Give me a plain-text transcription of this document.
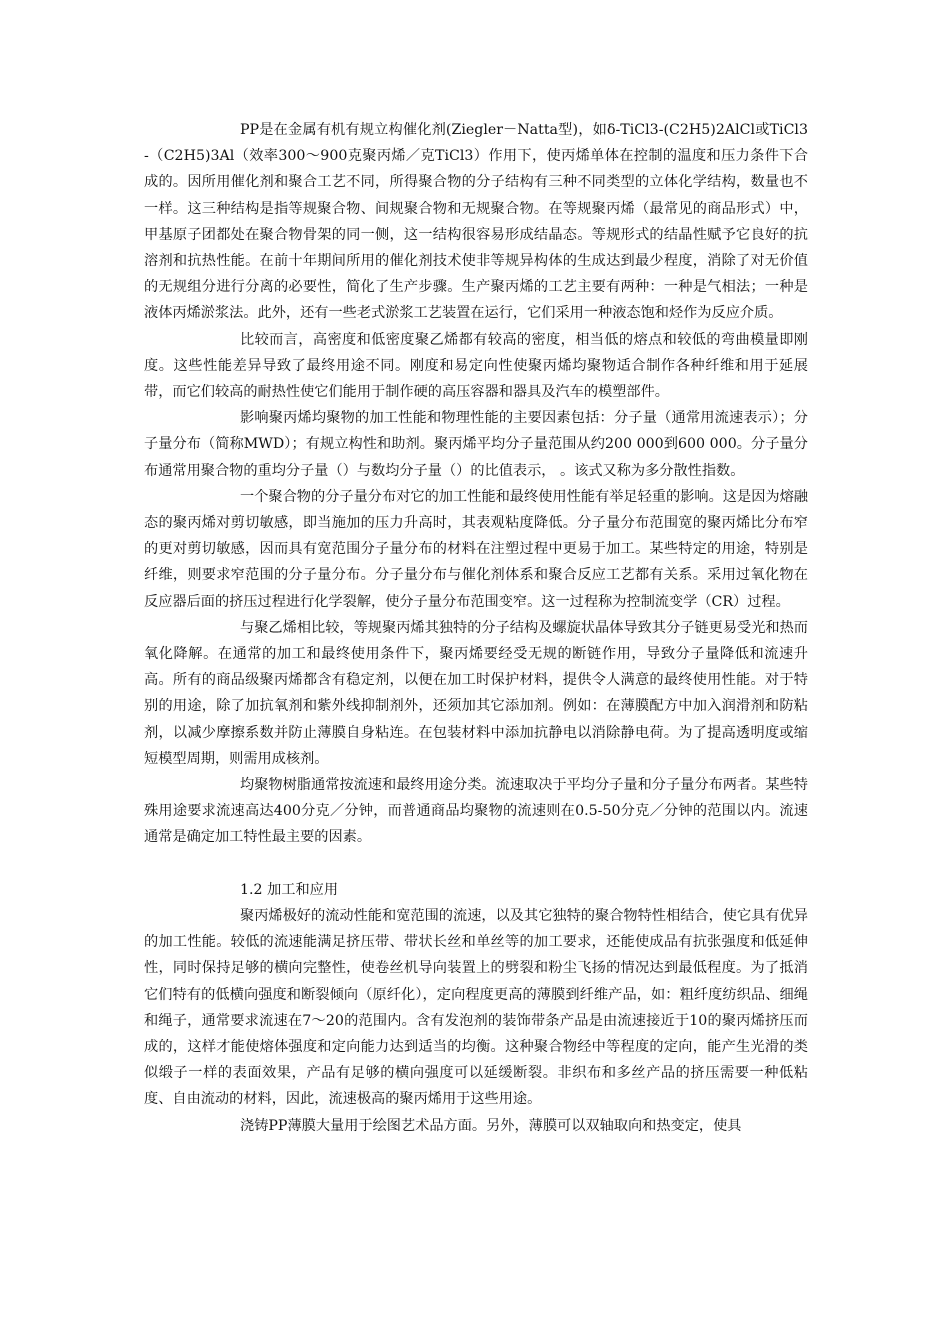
PP是在金属有机有规立构催化剂(Ziegler－Natta型)，如δ-TiCl3-(C2H5)2AlCl或TiCl3-（C2H5)3Al（效率300～900克聚丙烯／克TiCl3）作用下，使丙烯单体在控制的温度和压力条件下合成的。因所用催化剂和聚合工艺不同，所得聚合物的分子结构有三种不同类型的立体化学结构，数量也不一样。这三种结构是指等规聚合物、间规聚合物和无规聚合物。在等规聚丙烯（最常见的商品形式）中，甲基原子团都处在聚合物骨架的同一侧，这一结构很容易形成结晶态。等规形式的结晶性赋予它良好的抗溶剂和抗热性能。在前十年期间所用的催化剂技术使非等规异构体的生成达到最少程度，消除了对无价值的无规组分进行分离的必要性，简化了生产步骤。生产聚丙烯的工艺主要有两种：一种是气相法；一种是液体丙烯淤浆法。此外，还有一些老式淤浆工艺装置在运行，它们采用一种液态饱和烃作为反应介质。

比较而言，高密度和低密度聚乙烯都有较高的密度，相当低的熔点和较低的弯曲模量即刚度。这些性能差异导致了最终用途不同。刚度和易定向性使聚丙烯均聚物适合制作各种纤维和用于延展带，而它们较高的耐热性使它们能用于制作硬的高压容器和器具及汽车的模塑部件。

影响聚丙烯均聚物的加工性能和物理性能的主要因素包括：分子量（通常用流速表示）；分子量分布（简称MWD）；有规立构性和助剂。聚丙烯平均分子量范围从约200 000到600 000。分子量分布通常用聚合物的重均分子量（）与数均分子量（）的比值表示， 。该式又称为多分散性指数。

一个聚合物的分子量分布对它的加工性能和最终使用性能有举足轻重的影响。这是因为熔融态的聚丙烯对剪切敏感，即当施加的压力升高时，其表观粘度降低。分子量分布范围宽的聚丙烯比分布窄的更对剪切敏感，因而具有宽范围分子量分布的材料在注塑过程中更易于加工。某些特定的用途，特别是纤维，则要求窄范围的分子量分布。分子量分布与催化剂体系和聚合反应工艺都有关系。采用过氧化物在反应器后面的挤压过程进行化学裂解，使分子量分布范围变窄。这一过程称为控制流变学（CR）过程。

与聚乙烯相比较，等规聚丙烯其独特的分子结构及螺旋状晶体导致其分子链更易受光和热而氧化降解。在通常的加工和最终使用条件下，聚丙烯要经受无规的断链作用，导致分子量降低和流速升高。所有的商品级聚丙烯都含有稳定剂，以便在加工时保护材料，提供令人满意的最终使用性能。对于特别的用途，除了加抗氧剂和紫外线抑制剂外，还须加其它添加剂。例如：在薄膜配方中加入润滑剂和防粘剂，以减少摩擦系数并防止薄膜自身粘连。在包装材料中添加抗静电以消除静电荷。为了提高透明度或缩短模型周期，则需用成核剂。

均聚物树脂通常按流速和最终用途分类。流速取决于平均分子量和分子量分布两者。某些特殊用途要求流速高达400分克／分钟，而普通商品均聚物的流速则在0.5-50分克／分钟的范围以内。流速通常是确定加工特性最主要的因素。

1.2 加工和应用

聚丙烯极好的流动性能和宽范围的流速，以及其它独特的聚合物特性相结合，使它具有优异的加工性能。较低的流速能满足挤压带、带状长丝和单丝等的加工要求，还能使成品有抗张强度和低延伸性，同时保持足够的横向完整性，使卷丝机导向装置上的劈裂和粉尘飞扬的情况达到最低程度。为了抵消它们特有的低横向强度和断裂倾向（原纤化），定向程度更高的薄膜到纤维产品，如：粗纤度纺织品、细绳和绳子，通常要求流速在7～20的范围内。含有发泡剂的装饰带条产品是由流速接近于10的聚丙烯挤压而成的，这样才能使熔体强度和定向能力达到适当的均衡。这种聚合物经中等程度的定向，能产生光滑的类似缎子一样的表面效果，产品有足够的横向强度可以延缓断裂。非织布和多丝产品的挤压需要一种低粘度、自由流动的材料，因此，流速极高的聚丙烯用于这些用途。

浇铸PP薄膜大量用于绘图艺术品方面。另外，薄膜可以双轴取向和热变定，使具
